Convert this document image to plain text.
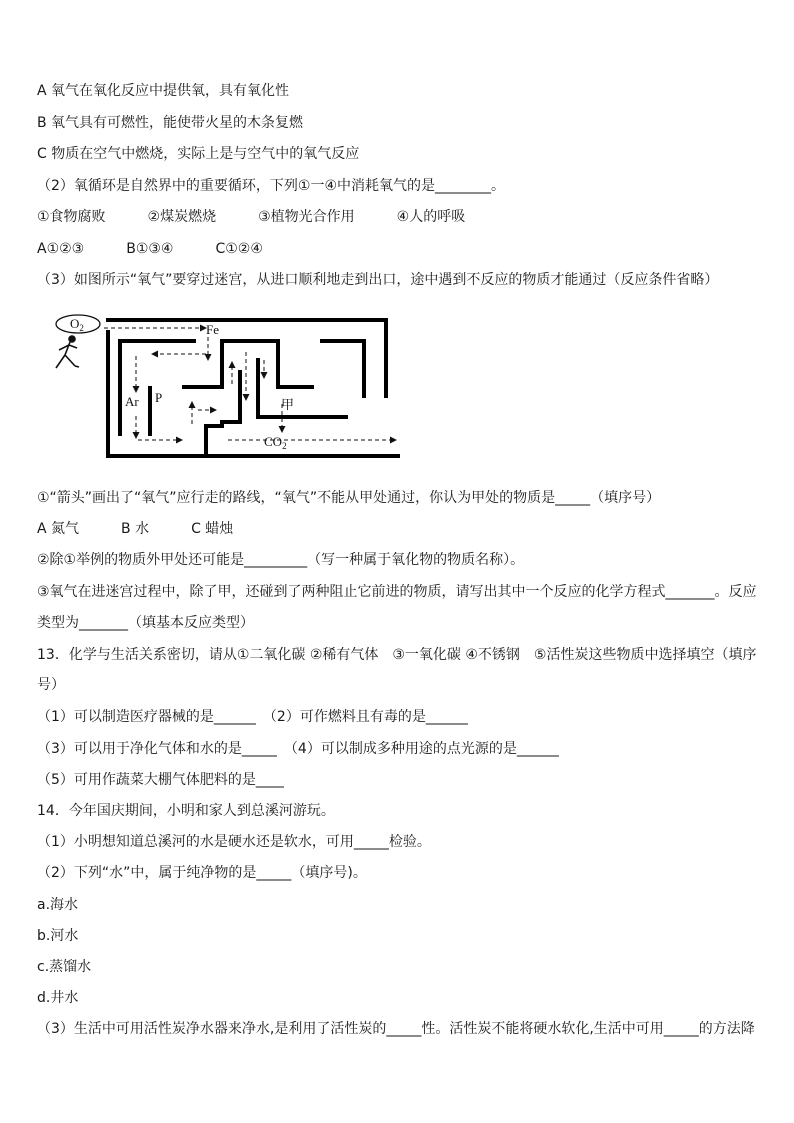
A 氧气在氧化反应中提供氧，具有氧化性
B 氧气具有可燃性，能使带火星的木条复燃
C 物质在空气中燃烧，实际上是与空气中的氧气反应
（2）氧循环是自然界中的重要循环，下列①一④中消耗氧气的是________。
①食物腐败　　　②煤炭燃烧　　　③植物光合作用　　　④人的呼吸
A①②③　　　B①③④　　　C①②④
（3）如图所示“氧气”要穿过迷宫，从进口顺利地走到出口，途中遇到不反应的物质才能通过（反应条件省略）
$O_2$	Fe
Ar P	甲
$CO_2$
①“箭头”画出了“氧气”应行走的路线，“氧气”不能从甲处通过，你认为甲处的物质是_____（填序号）
A 氮气　　　B 水　　　C 蜡烛
②除①举例的物质外甲处还可能是_________（写一种属于氧化物的物质名称）。
③氧气在进迷宫过程中，除了甲，还碰到了两种阻止它前进的物质，请写出其中一个反应的化学方程式_______。反应
类型为_______（填基本反应类型）
13．化学与生活关系密切，请从①二氧化碳 ②稀有气体　③一氧化碳 ④不锈钢　⑤活性炭这些物质中选择填空（填序
号）
（1）可以制造医疗器械的是______　（2）可作燃料且有毒的是______
（3）可以用于净化气体和水的是_____　（4）可以制成多种用途的点光源的是______
（5）可用作蔬菜大棚气体肥料的是____
14．今年国庆期间，小明和家人到总溪河游玩。
（1）小明想知道总溪河的水是硬水还是软水，可用_____检验。
（2）下列“水”中，属于纯净物的是_____（填序号)。
a.海水
b.河水
c.蒸馏水
d.井水
（3）生活中可用活性炭净水器来净水,是利用了活性炭的_____性。活性炭不能将硬水软化,生活中可用_____的方法降
